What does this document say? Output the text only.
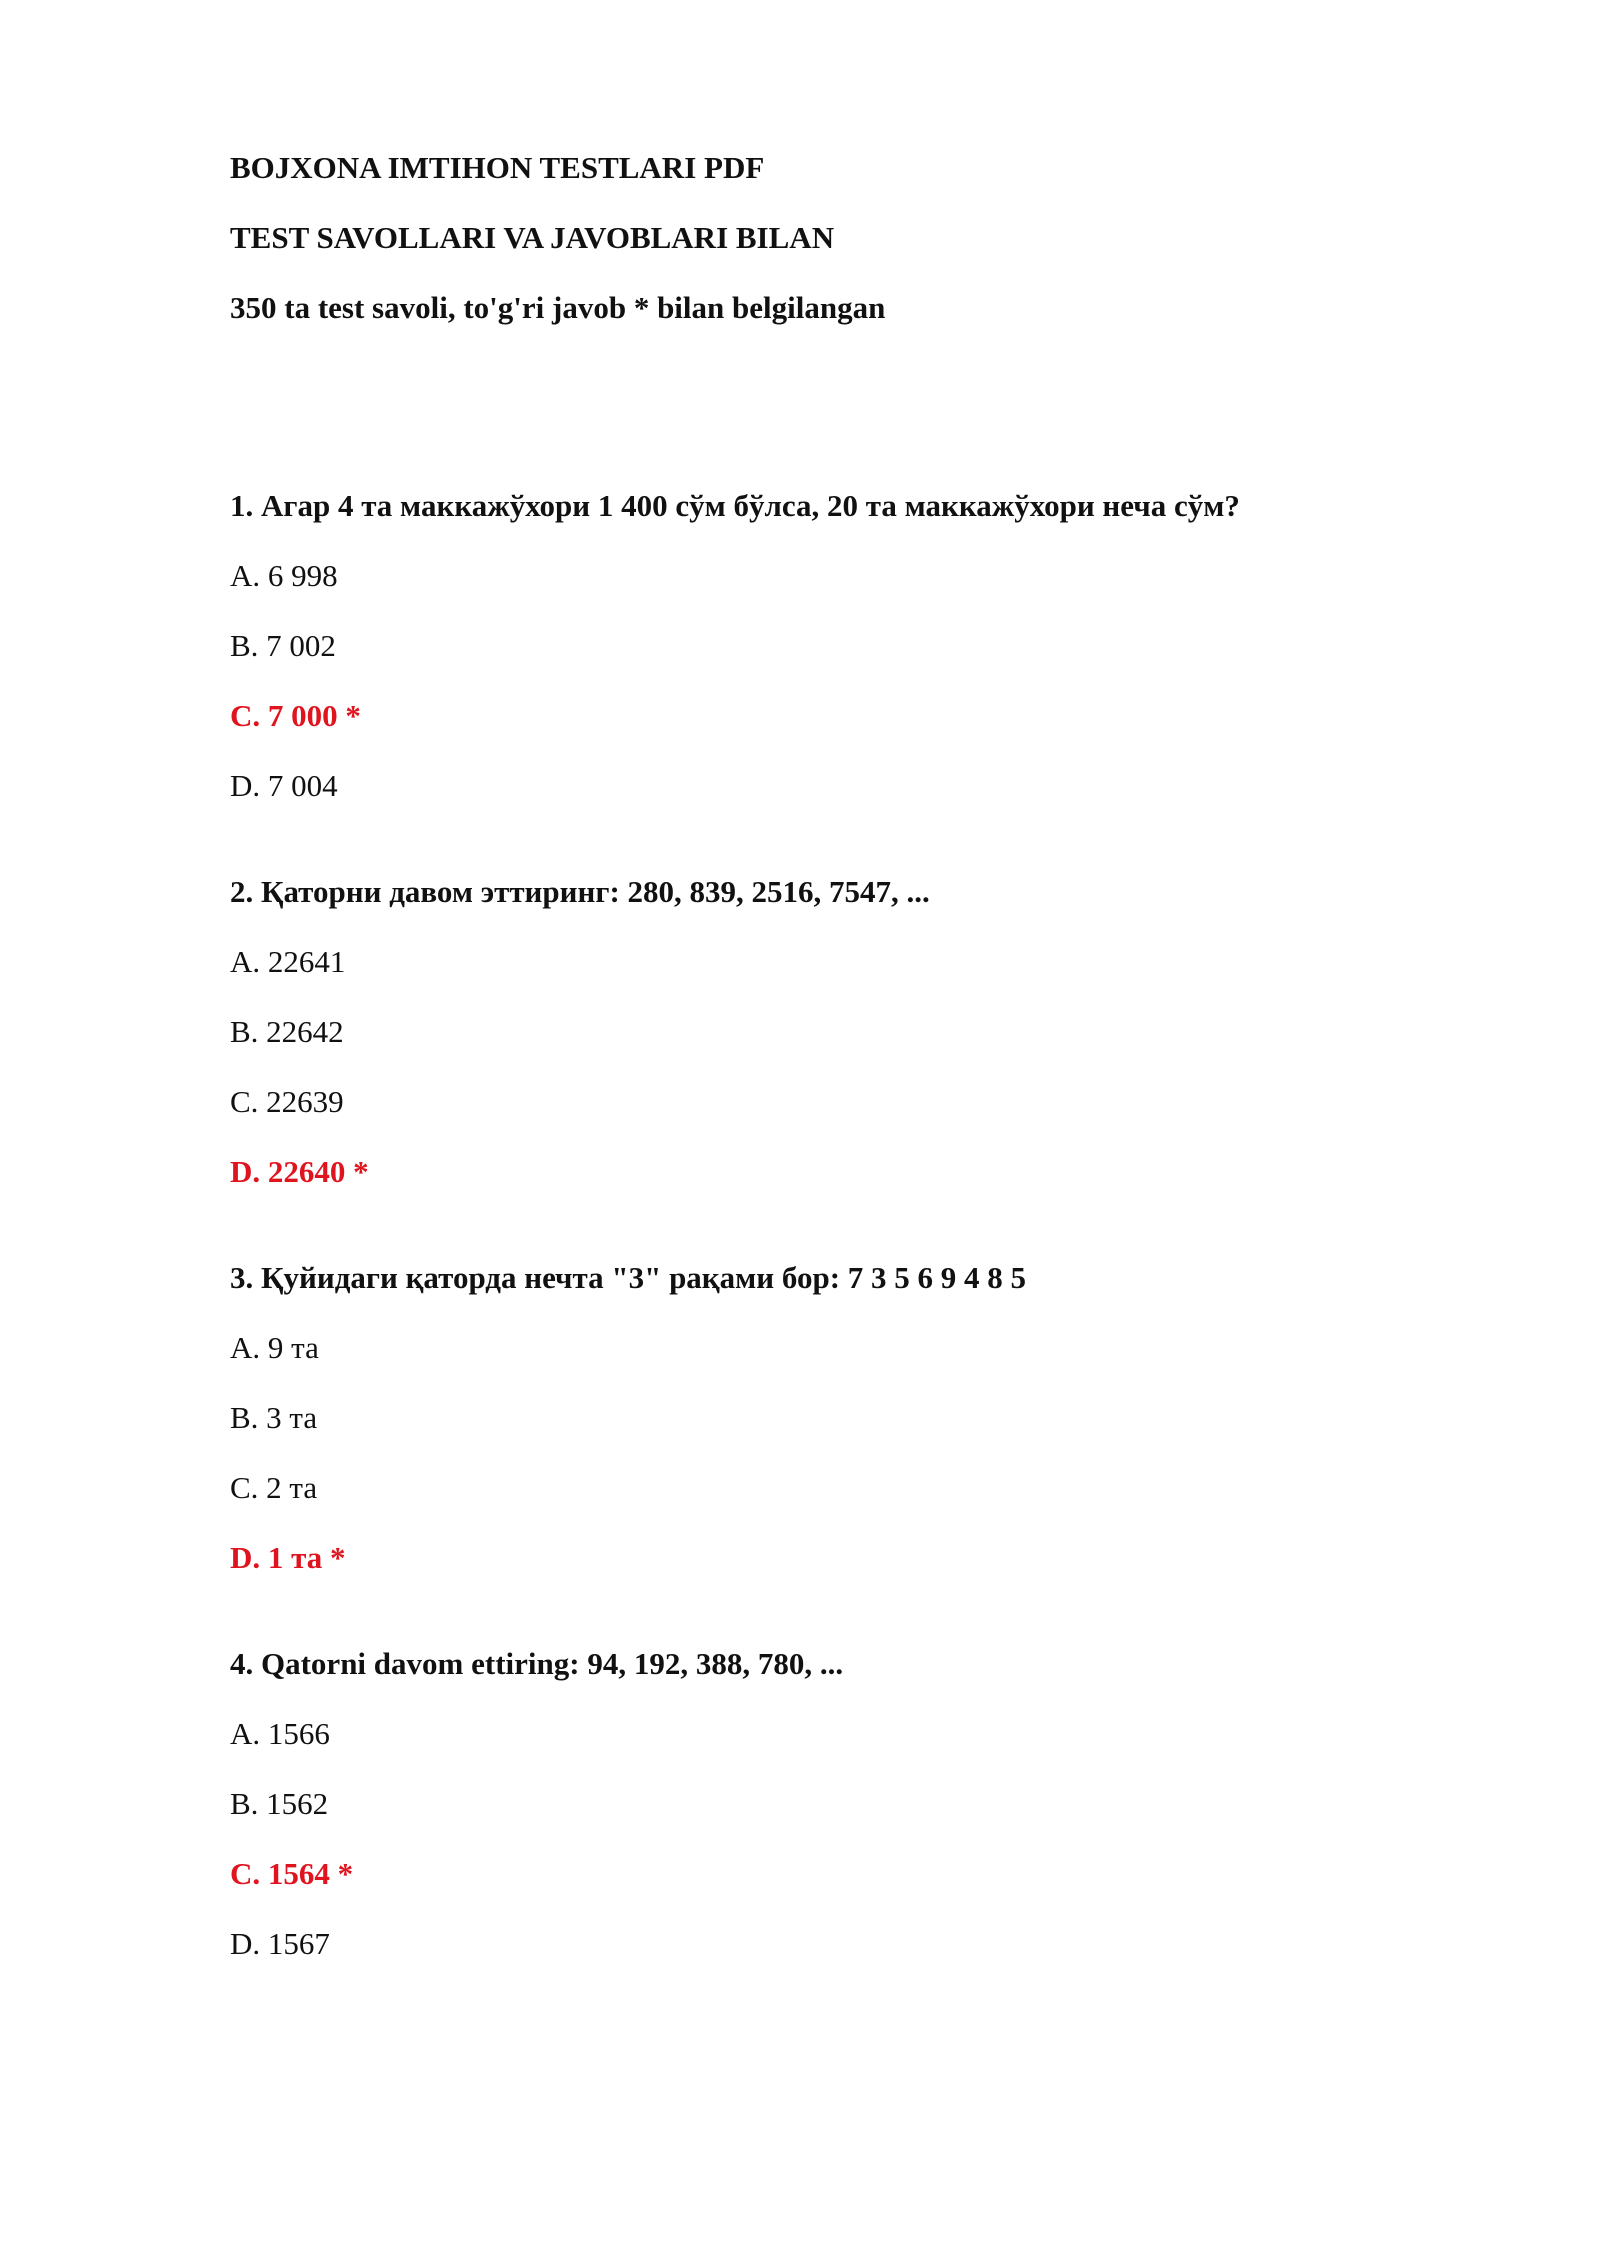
BOJXONA IMTIHON TESTLARI PDF
TEST SAVOLLARI VA JAVOBLARI BILAN
350 ta test savoli, to'g'ri javob * bilan belgilangan
1. Агар 4 та маккажўхори 1 400 сўм бўлса, 20 та маккажўхори неча сўм?
A. 6 998
B. 7 002
C. 7 000 *
D. 7 004
2. Қаторни давом эттиринг: 280, 839, 2516, 7547, ...
A. 22641
B. 22642
C. 22639
D. 22640 *
3. Қуйидаги қаторда нечта "3" рақами бор: 7 3 5 6 9 4 8 5
A. 9 та
B. 3 та
C. 2 та
D. 1 та *
4. Qatorni davom ettiring: 94, 192, 388, 780, ...
A. 1566
B. 1562
C. 1564 *
D. 1567
